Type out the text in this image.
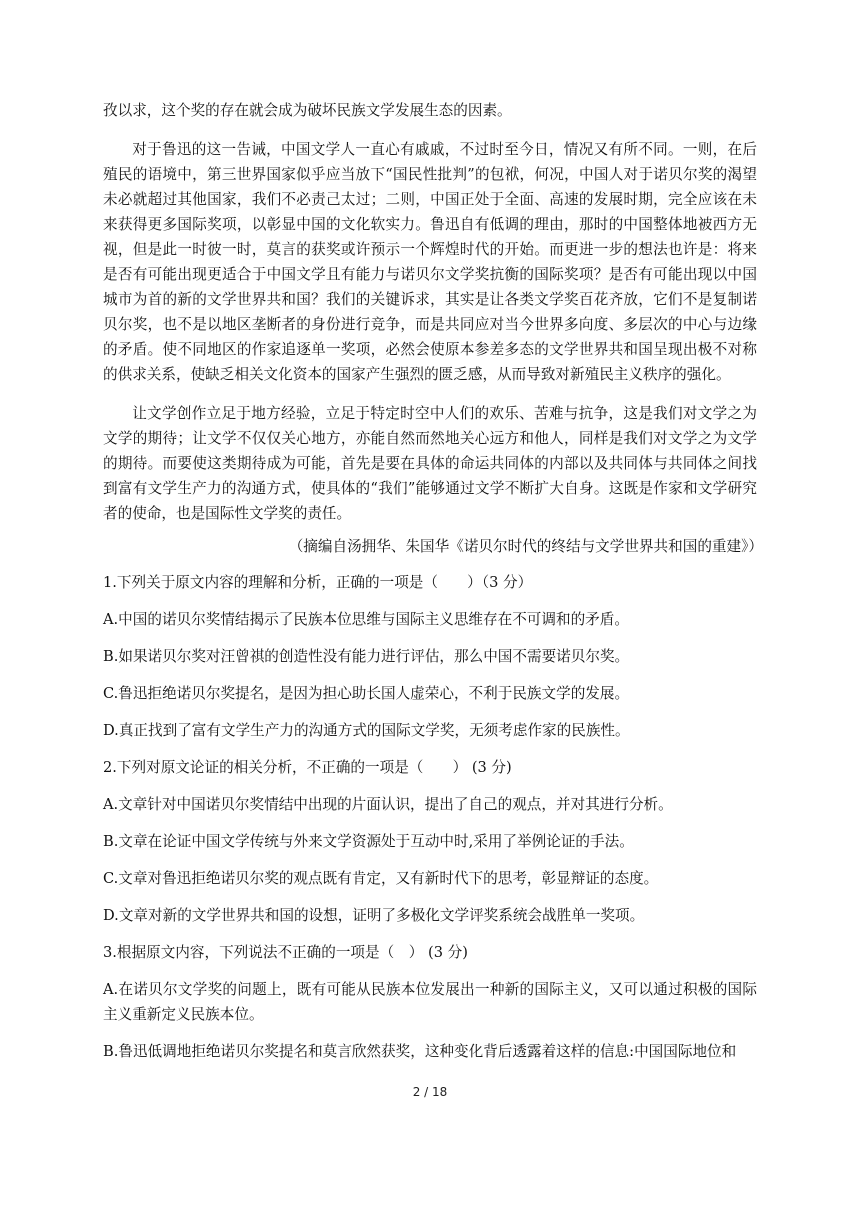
孜以求，这个奖的存在就会成为破坏民族文学发展生态的因素。

对于鲁迅的这一告诫，中国文学人一直心有戚戚，不过时至今日，情况又有所不同。一则，在后殖民的语境中，第三世界国家似乎应当放下“国民性批判”的包袱，何况，中国人对于诺贝尔奖的渴望未必就超过其他国家，我们不必责己太过；二则，中国正处于全面、高速的发展时期，完全应该在未来获得更多国际奖项，以彰显中国的文化软实力。鲁迅自有低调的理由，那时的中国整体地被西方无视，但是此一时彼一时，莫言的获奖或许预示一个辉煌时代的开始。而更进一步的想法也许是：将来是否有可能出现更适合于中国文学且有能力与诺贝尔文学奖抗衡的国际奖项？是否有可能出现以中国城市为首的新的文学世界共和国？我们的关键诉求，其实是让各类文学奖百花齐放，它们不是复制诺贝尔奖，也不是以地区垄断者的身份进行竞争，而是共同应对当今世界多向度、多层次的中心与边缘的矛盾。使不同地区的作家追逐单一奖项，必然会使原本参差多态的文学世界共和国呈现出极不对称的供求关系，使缺乏相关文化资本的国家产生强烈的匮乏感，从而导致对新殖民主义秩序的强化。

让文学创作立足于地方经验，立足于特定时空中人们的欢乐、苦难与抗争，这是我们对文学之为文学的期待；让文学不仅仅关心地方，亦能自然而然地关心远方和他人，同样是我们对文学之为文学的期待。而要使这类期待成为可能，首先是要在具体的命运共同体的内部以及共同体与共同体之间找到富有文学生产力的沟通方式，使具体的“我们”能够通过文学不断扩大自身。这既是作家和文学研究者的使命，也是国际性文学奖的责任。

（摘编自汤拥华、朱国华《诺贝尔时代的终结与文学世界共和国的重建》）

1.下列关于原文内容的理解和分析，正确的一项是（　　）（3 分）

A.中国的诺贝尔奖情结揭示了民族本位思维与国际主义思维存在不可调和的矛盾。

B.如果诺贝尔奖对汪曾祺的创造性没有能力进行评估，那么中国不需要诺贝尔奖。

C.鲁迅拒绝诺贝尔奖提名，是因为担心助长国人虚荣心，不利于民族文学的发展。

D.真正找到了富有文学生产力的沟通方式的国际文学奖，无须考虑作家的民族性。

2.下列对原文论证的相关分析，不正确的一项是（　　） (3 分)

A.文章针对中国诺贝尔奖情结中出现的片面认识，提出了自己的观点，并对其进行分析。

B.文章在论证中国文学传统与外来文学资源处于互动中时,采用了举例论证的手法。

C.文章对鲁迅拒绝诺贝尔奖的观点既有肯定，又有新时代下的思考，彰显辩证的态度。

D.文章对新的文学世界共和国的设想，证明了多极化文学评奖系统会战胜单一奖项。

3.根据原文内容，下列说法不正确的一项是（　） (3 分)

A.在诺贝尔文学奖的问题上，既有可能从民族本位发展出一种新的国际主义，又可以通过积极的国际主义重新定义民族本位。

B.鲁迅低调地拒绝诺贝尔奖提名和莫言欣然获奖，这种变化背后透露着这样的信息:中国国际地位和

2 / 18
